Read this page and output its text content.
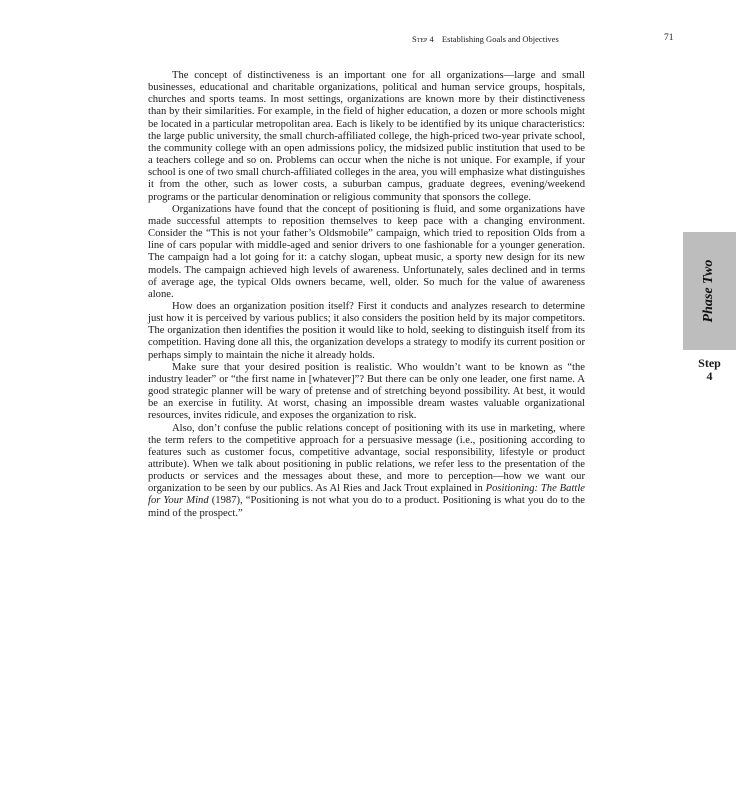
Step 4 Establishing Goals and Objectives	71

The concept of distinctiveness is an important one for all organizations—large and small businesses, educational and charitable organizations, political and human service groups, hospitals, churches and sports teams. In most settings, organizations are known more by their distinctiveness than by their similarities. For example, in the field of higher education, a dozen or more schools might be located in a particular metropolitan area. Each is likely to be identified by its unique characteristics: the large public university, the small church-affiliated college, the high-priced two-year private school, the community college with an open admissions policy, the midsized public institution that used to be a teachers college and so on. Problems can occur when the niche is not unique. For example, if your school is one of two small church-affiliated colleges in the area, you will emphasize what distinguishes it from the other, such as lower costs, a suburban campus, graduate degrees, evening/weekend programs or the particular denomination or religious community that sponsors the college.

Organizations have found that the concept of positioning is fluid, and some organizations have made successful attempts to reposition themselves to keep pace with a changing environment. Consider the “This is not your father’s Oldsmobile” campaign, which tried to reposition Olds from a line of cars popular with middle-aged and senior drivers to one fashionable for a younger generation. The campaign had a lot going for it: a catchy slogan, upbeat music, a sporty new design for its new models. The campaign achieved high levels of awareness. Unfortunately, sales declined and in terms of average age, the typical Olds owners became, well, older. So much for the value of awareness alone.

How does an organization position itself? First it conducts and analyzes research to determine just how it is perceived by various publics; it also considers the position held by its major competitors. The organization then identifies the position it would like to hold, seeking to distinguish itself from its competition. Having done all this, the organization develops a strategy to modify its current position or perhaps simply to maintain the niche it already holds.

Make sure that your desired position is realistic. Who wouldn’t want to be known as “the industry leader” or “the first name in [whatever]”? But there can be only one leader, one first name. A good strategic planner will be wary of pretense and of stretching beyond possibility. At best, it would be an exercise in futility. At worst, chasing an impossible dream wastes valuable organizational resources, invites ridicule, and exposes the organization to risk.

Also, don’t confuse the public relations concept of positioning with its use in marketing, where the term refers to the competitive approach for a persuasive message (i.e., positioning according to features such as customer focus, competitive advantage, social responsibility, lifestyle or product attribute). When we talk about positioning in public relations, we refer less to the presentation of the products or services and the messages about these, and more to perception—how we want our organization to be seen by our publics. As Al Ries and Jack Trout explained in Positioning: The Battle for Your Mind (1987), “Positioning is not what you do to a product. Positioning is what you do to the mind of the prospect.”

Phase Two
Step
4
